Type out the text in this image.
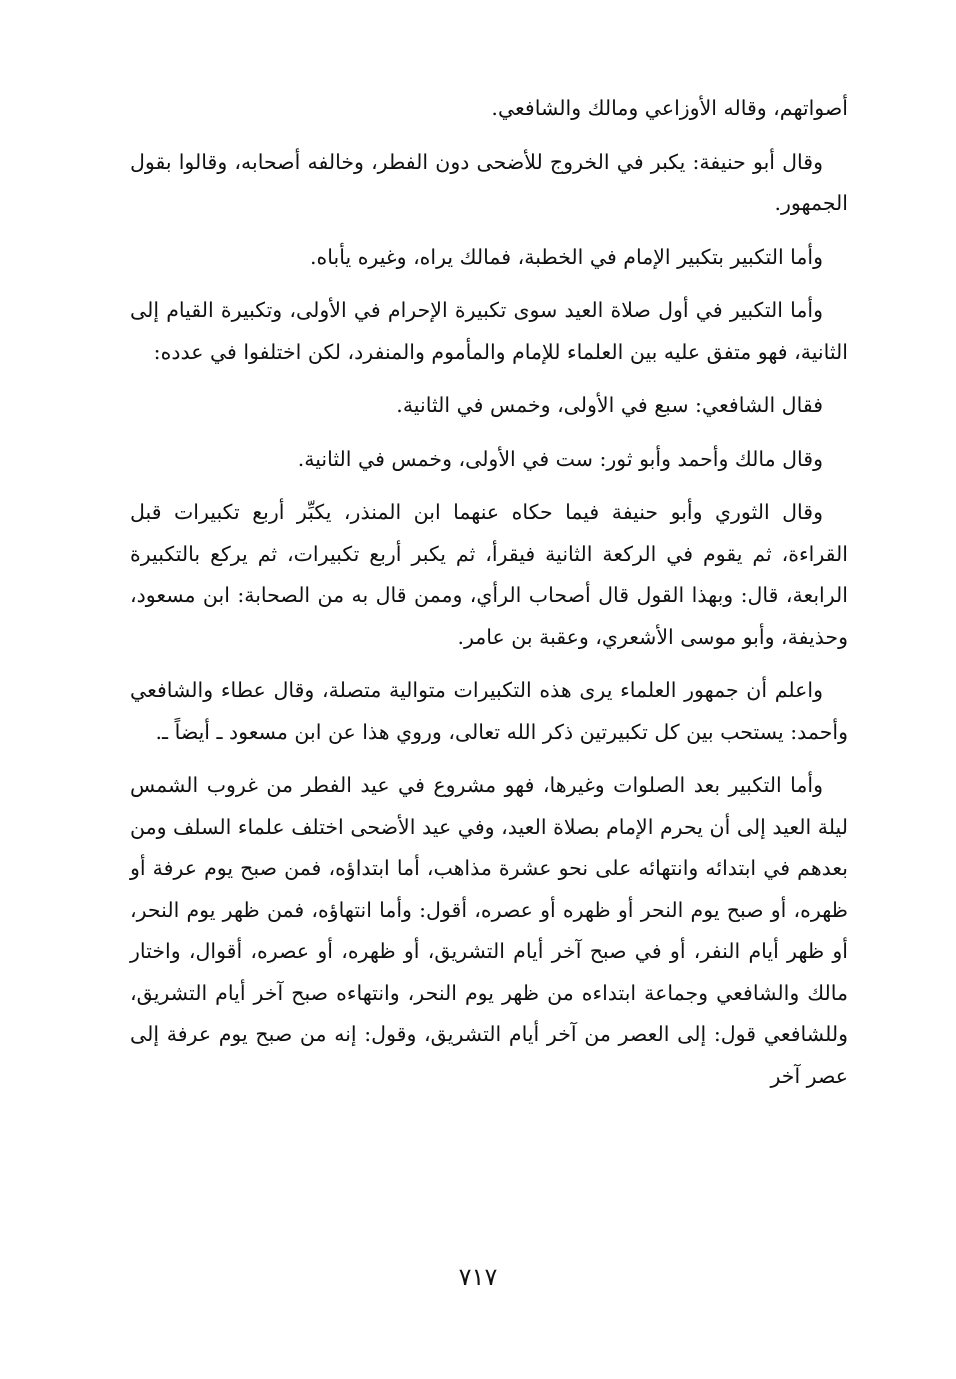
أصواتهم، وقاله الأوزاعي ومالك والشافعي.

وقال أبو حنيفة: يكبر في الخروج للأضحى دون الفطر، وخالفه أصحابه، وقالوا بقول الجمهور.

وأما التكبير بتكبير الإمام في الخطبة، فمالك يراه، وغيره يأباه.

وأما التكبير في أول صلاة العيد سوى تكبيرة الإحرام في الأولى، وتكبيرة القيام إلى الثانية، فهو متفق عليه بين العلماء للإمام والمأموم والمنفرد، لكن اختلفوا في عدده:

فقال الشافعي: سبع في الأولى، وخمس في الثانية.

وقال مالك وأحمد وأبو ثور: ست في الأولى، وخمس في الثانية.

وقال الثوري وأبو حنيفة فيما حكاه عنهما ابن المنذر، يكبِّر أربع تكبيرات قبل القراءة، ثم يقوم في الركعة الثانية فيقرأ، ثم يكبر أربع تكبيرات، ثم يركع بالتكبيرة الرابعة، قال: وبهذا القول قال أصحاب الرأي، وممن قال به من الصحابة: ابن مسعود، وحذيفة، وأبو موسى الأشعري، وعقبة بن عامر.

واعلم أن جمهور العلماء يرى هذه التكبيرات متوالية متصلة، وقال عطاء والشافعي وأحمد: يستحب بين كل تكبيرتين ذكر الله تعالى، وروي هذا عن ابن مسعود ـ أيضاً ـ.

وأما التكبير بعد الصلوات وغيرها، فهو مشروع في عيد الفطر من غروب الشمس ليلة العيد إلى أن يحرم الإمام بصلاة العيد، وفي عيد الأضحى اختلف علماء السلف ومن بعدهم في ابتدائه وانتهائه على نحو عشرة مذاهب، أما ابتداؤه، فمن صبح يوم عرفة أو ظهره، أو صبح يوم النحر أو ظهره أو عصره، أقول: وأما انتهاؤه، فمن ظهر يوم النحر، أو ظهر أيام النفر، أو في صبح آخر أيام التشريق، أو ظهره، أو عصره، أقوال، واختار مالك والشافعي وجماعة ابتداءه من ظهر يوم النحر، وانتهاءه صبح آخر أيام التشريق، وللشافعي قول: إلى العصر من آخر أيام التشريق، وقول: إنه من صبح يوم عرفة إلى عصر آخر

٧١٧
